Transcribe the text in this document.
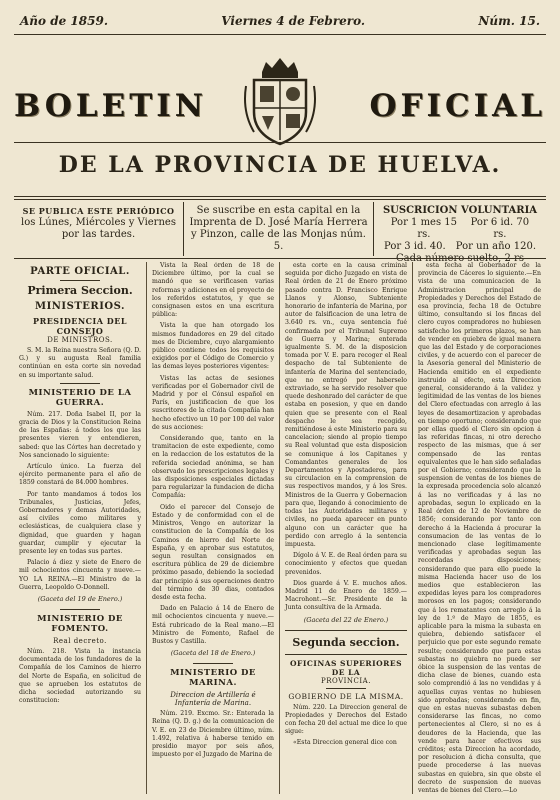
Año de 1859.	Viernes 4 de Febrero.	Núm. 15.
BOLETIN	OFICIAL
DE LA PROVINCIA DE HUELVA.
SE PUBLICA ESTE PERIÓDICO
los Lúnes, Miércoles y Viernes
por las tardes.
Se suscribe en esta capital en la Imprenta de D. José María Herrera y Pinzon, calle de las Monjas núm. 5.
SUSCRICION VOLUNTARIA
Por 1 mes 15 rs.
Por 6 id. 70 rs.
Por 3 id. 40. Por un año 120.
Cada número suelto, 2 rs
PARTE OFICIAL.
Primera Seccion.
MINISTERIOS.
PRESIDENCIA DEL CONSEJO
DE MINISTROS.

S. M. la Reina nuestra Señora (Q. D. G.) y su augusta Real familia continúan en esta corte sin novedad en su importante salud.

MINISTERIO DE LA GUERRA.

Núm. 217. Doña Isabel II, por la gracia de Dios y la Constitucion Reina de las Españas: á todos los que las presentes vieren y entendieren, sabed: que las Córtes han decretado y Nos sancionado lo siguiente:

Artículo único. La fuerza del ejército permanente para el año de 1859 constará de 84.000 hombres.

Por tanto mandamos á todos los Tribunales, Justicias, Jefes, Gobernadores y demas Autoridades, así civiles como militares y eclesiásticas, de cualquiera clase y dignidad, que guarden y hagan guardar, cumplir y ejecutar la presente ley en todas sus partes.

Palacio á diez y siete de Enero de mil ochocientos cincuenta y nueve.—YO LA REINA.—El Ministro de la Guerra, Leopoldo O-Donnell.

(Gaceta del 19 de Enero.)
MINISTERIO DE FOMENTO.
Real decreto.

Núm. 218. Vista la instancia documentada de los fundadores de la Compañía de los Caminos de hierro del Norte de España, en solicitud de que se aprueben los estatutos de dicha sociedad autorizando su constitucion:

Vista la Real órden de 18 de Diciembre último, por la cual se mandó que se verificasen varias reformas y adiciones en el proyecto de los referidos estatutos, y que se consignasen estos en una escritura pública:

Vista la que han otorgado los mismos fundadores en 29 del citado mes de Diciembre, cuyo alargamiento público contiene todos los requisitos exigidos por el Código de Comercio y las demas leyes posteriores vigentes:

Vistas las actas de sesiones verificadas por el Gobernador civil de Madrid y por el Cónsul español en París, en justificacion de que los suscritores de la citada Compañía han hecho efectivo un 10 por 100 del valor de sus acciones:

Considerando que, tanto en la tramitacion de este expediente, como en la redaccion de los estatutos de la referida sociedad anónima, se han observado los prescripciones legales y las disposiciones especiales dictadas para regularizar la fundacion de dicha Compañía:

Oido el parecer del Consejo de Estado y de conformidad con el de Ministros, Vengo en autorizar la constitucion de la Compañía de los Caminos de hierro del Norte de España, y en aprobar sus estatutos, segun resultan consignados en escritura pública de 29 de diciembre próximo pasado, debiendo la sociedad dar principio á sus operaciones dentro del término de 30 dias, contados desde esta fecha.

Dado en Palacio á 14 de Enero de mil ochocientos cincuenta y nueve.—Está rubricado de la Real mano.—El Ministro de Fomento, Rafael de Bustos y Castilla.

(Gaceta del 18 de Enero.)
MINISTERIO DE MARINA.
Direccion de Artillería é Infantería de Marina.

Núm. 219. Excmo. Sr.: Enterada la Reina (Q. D. g.) de la comunicacion de V. E. en 23 de Diciembre último, núm. 1.492, relativa á haberse tenido en presidio mayor por seis años, impuesto por el Juzgado de Marina de

esta corte en la causa criminal seguida por dicho Juzgado en vista de Real órden de 21 de Enero próximo pasado contra D. Francisco Enrique Llanos y Alonso, Subteniente honorario de infantería de Marina, por autor de falsificacion de una letra de 3.640 rs. vn., cuya sentencia fué confirmada por el Tribunal Supremo de Guerra y Marina; enterada igualmente S. M. de la disposicion tomada por V. E. para recoger el Real despacho de tal Subteniente de infantería de Marina del sentenciado, que no entregó por haberselo extraviado, se ha servido resolver que quede deshonrado del carácter de que estaba en posesion, y que en dando quien que se presente con el Real despacho le sea recogido, remitiéndose á este Ministerio para su cancelacion; siendo al propio tiempo su Real voluntad que esta disposicion se comunique á los Capitanes y Comandantes generales de los Departamentos y Apostaderos, para su circulacion en la comprension de sus respectivos mandos, y á los Sres. Ministros de la Guerra y Gobernacion para que, llegando á conocimiento de todas las Autoridades militares y civiles, no pueda aparecer en punto alguno con un carácter que ha perdido con arreglo á la sentencia impuesta.

Dígolo á V. E. de Real órden para su conocimiento y efectos que quedan prevenidos.

Dios guarde á V. E. muchos años. Madrid 11 de Enero de 1859.—Macrohont.—Sr. Presidente de la Junta consultiva de la Armada.

(Gaceta del 22 de Enero.)
Segunda seccion.
OFICINAS SUPERIORES DE LA
PROVINCIA.
GOBIERNO DE LA MISMA.

Núm. 220. La Direccion general de Propiedades y Derechos del Estado con fecha 20 del actual me dice lo que sigue:

«Esta Direccion general dice con

esta fecha al Gobernador de la provincia de Cáceres lo siguiente.—En vista de una comunicacion de la Administracion principal de Propiedades y Derechos del Estado de esa provincia, fecha 18 de Octubre último, consultando si los fincas del clero cuyos compradores no hubiesen satisfecho los primeros plazos, se han de vender en quiebra de igual manera que las del Estado y de corporaciones civiles, y de acuerdo con el parecer de la Asesoría general del Ministerio de Hacienda emitido en el expediente instruido al efecto, esta Direccion general, considerando á la validez y legitimidad de las ventas de los bienes del Clero efectuadas con arreglo á las leyes de desamortizacion y aprobadas en tiempo oportuno; considerando que por ellas quedó el Clero sin opcion á las referidas fincas, ni otro derecho respecto de las mismas, que á ser compensado de las rentas equivalentes que le han sido señaladas por el Gobierno; considerando que la suspension de ventas de los bienes de la expresada procedencia solo alcanzó á las no verificadas y á las no aprobadas, segun lo explicado en la Real órden de 12 de Noviembre de 1856; considerando por tanto con derecho á la Hacienda á procurar la consumacion de las ventas de lo mencionado clase legítimamente verificadas y aprobadas segun las recordadas disposiciones; considerando que para ello puede la misma Hacienda hacer uso de los medios que establecieron las expedidas leyes para los compradores morosos en los pagos; considerando que á los rematantes con arreglo á la ley de 1.º de Mayo de 1855, es aplicable para la misma la subasta en quiebra, debiendo satisfacer el perjuicio que por este segundo remate resulte; considerando que para estas subastas no quiebra no puede ser óbice la suspension de las ventas de dicha clase de bienes, cuando esta solo comprendió á las no vendidas y á aquellas cuyas ventas no hubiesen sido aprobadas; considerando en fin, que en estas nuevas subastas deben considerarse las fincas, no como pertenecientes al Clero, si no es á deudores de la Hacienda, que las vende para hacer efectivos sus créditos; esta Direccion ha acordado, por resolucion á dicha consulta, que puede procederse á las nuevas subastas en quiebra, sin que obste el decreto de suspension de nuevas ventas de bienes del Clero.—Lo
